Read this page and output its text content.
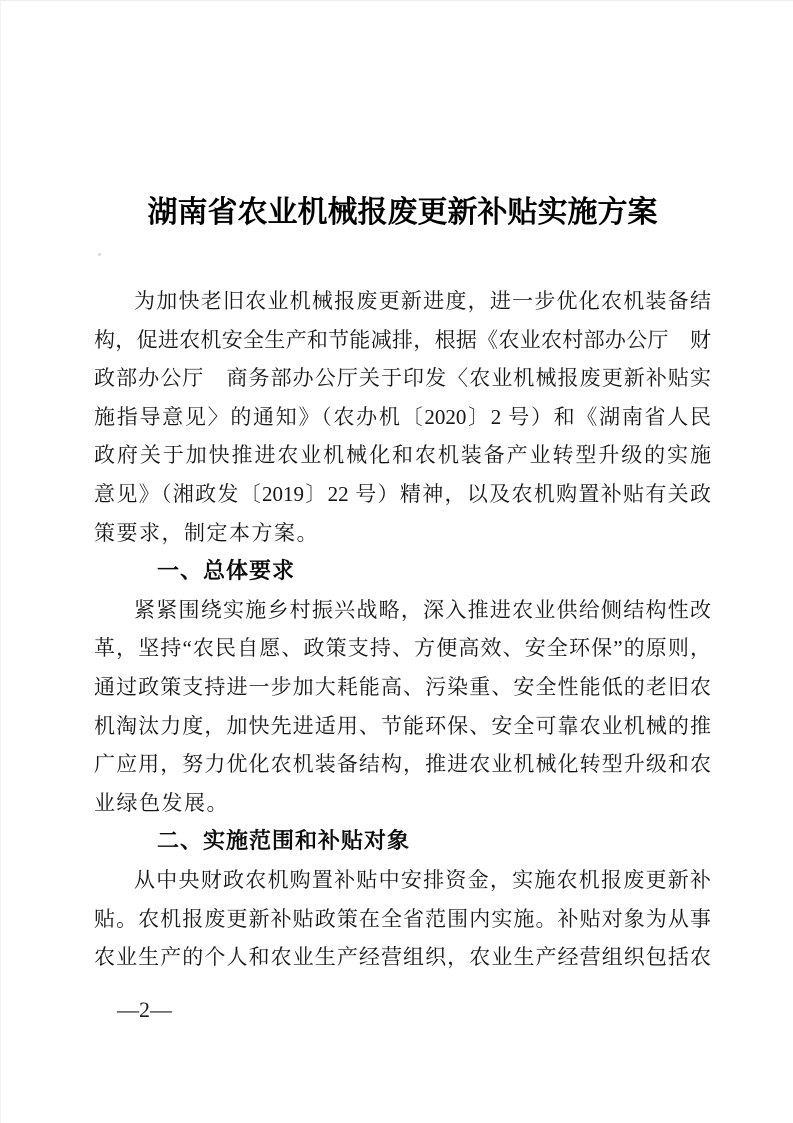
湖南省农业机械报废更新补贴实施方案
为加快老旧农业机械报废更新进度，进一步优化农机装备结
构，促进农机安全生产和节能减排，根据《农业农村部办公厅　财
政部办公厅　商务部办公厅关于印发〈农业机械报废更新补贴实
施指导意见〉的通知》（农办机〔2020〕2 号）和《湖南省人民
政府关于加快推进农业机械化和农机装备产业转型升级的实施
意见》（湘政发〔2019〕22 号）精神，以及农机购置补贴有关政
策要求，制定本方案。
一、总体要求
紧紧围绕实施乡村振兴战略，深入推进农业供给侧结构性改
革，坚持“农民自愿、政策支持、方便高效、安全环保”的原则，
通过政策支持进一步加大耗能高、污染重、安全性能低的老旧农
机淘汰力度，加快先进适用、节能环保、安全可靠农业机械的推
广应用，努力优化农机装备结构，推进农业机械化转型升级和农
业绿色发展。
二、实施范围和补贴对象
从中央财政农机购置补贴中安排资金，实施农机报废更新补
贴。农机报废更新补贴政策在全省范围内实施。补贴对象为从事
农业生产的个人和农业生产经营组织，农业生产经营组织包括农
—2—
